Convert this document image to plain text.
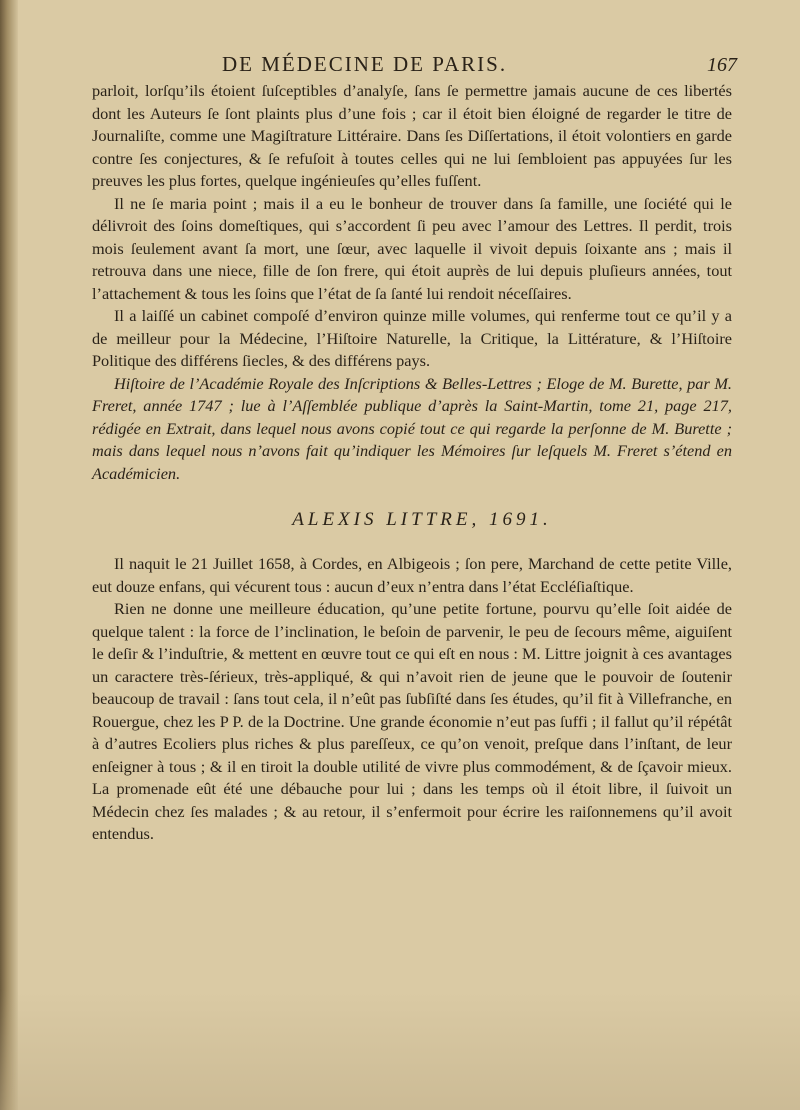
DE MÉDECINE DE PARIS.	167

parloit, lorſqu’ils étoient ſuſceptibles d’analyſe, ſans ſe permettre jamais aucune de ces libertés dont les Auteurs ſe ſont plaints plus d’une fois ; car il étoit bien éloigné de regarder le titre de Journaliſte, comme une Magiſtrature Littéraire. Dans ſes Diſſertations, il étoit volontiers en garde contre ſes conjectures, & ſe refuſoit à toutes celles qui ne lui ſembloient pas appuyées ſur les preuves les plus fortes, quelque ingénieuſes qu’elles fuſſent.

Il ne ſe maria point ; mais il a eu le bonheur de trouver dans ſa famille, une ſociété qui le délivroit des ſoins domeſtiques, qui s’accordent ſi peu avec l’amour des Lettres. Il perdit, trois mois ſeulement avant ſa mort, une ſœur, avec laquelle il vivoit depuis ſoixante ans ; mais il retrouva dans une niece, fille de ſon frere, qui étoit auprès de lui depuis pluſieurs années, tout l’attachement & tous les ſoins que l’état de ſa ſanté lui rendoit néceſſaires.

Il a laiſſé un cabinet compoſé d’environ quinze mille volumes, qui renferme tout ce qu’il y a de meilleur pour la Médecine, l’Hiſtoire Naturelle, la Critique, la Littérature, & l’Hiſtoire Politique des différens ſiecles, & des différens pays.

Hiſtoire de l’Académie Royale des Inſcriptions & Belles-Lettres ; Eloge de M. Burette, par M. Freret, année 1747 ; lue à l’Aſſemblée publique d’après la Saint-Martin, tome 21, page 217, rédigée en Extrait, dans lequel nous avons copié tout ce qui regarde la perſonne de M. Burette ; mais dans lequel nous n’avons fait qu’indiquer les Mémoires ſur leſquels M. Freret s’étend en Académicien.

ALEXIS LITTRE, 1691.

Il naquit le 21 Juillet 1658, à Cordes, en Albigeois ; ſon pere, Marchand de cette petite Ville, eut douze enfans, qui vécurent tous : aucun d’eux n’entra dans l’état Eccléſiaſtique.

Rien ne donne une meilleure éducation, qu’une petite fortune, pourvu qu’elle ſoit aidée de quelque talent : la force de l’inclination, le beſoin de parvenir, le peu de ſecours même, aiguiſent le deſir & l’induſtrie, & mettent en œuvre tout ce qui eſt en nous : M. Littre joignit à ces avantages un caractere très-ſérieux, très-appliqué, & qui n’avoit rien de jeune que le pouvoir de ſoutenir beaucoup de travail : ſans tout cela, il n’eût pas ſubſiſté dans ſes études, qu’il fit à Villefranche, en Rouergue, chez les P P. de la Doctrine. Une grande économie n’eut pas ſuffi ; il fallut qu’il répétât à d’autres Ecoliers plus riches & plus pareſſeux, ce qu’on venoit, preſque dans l’inſtant, de leur enſeigner à tous ; & il en tiroit la double utilité de vivre plus commodément, & de ſçavoir mieux. La promenade eût été une débauche pour lui ; dans les temps où il étoit libre, il ſuivoit un Médecin chez ſes malades ; & au retour, il s’enfermoit pour écrire les raiſonnemens qu’il avoit entendus.
